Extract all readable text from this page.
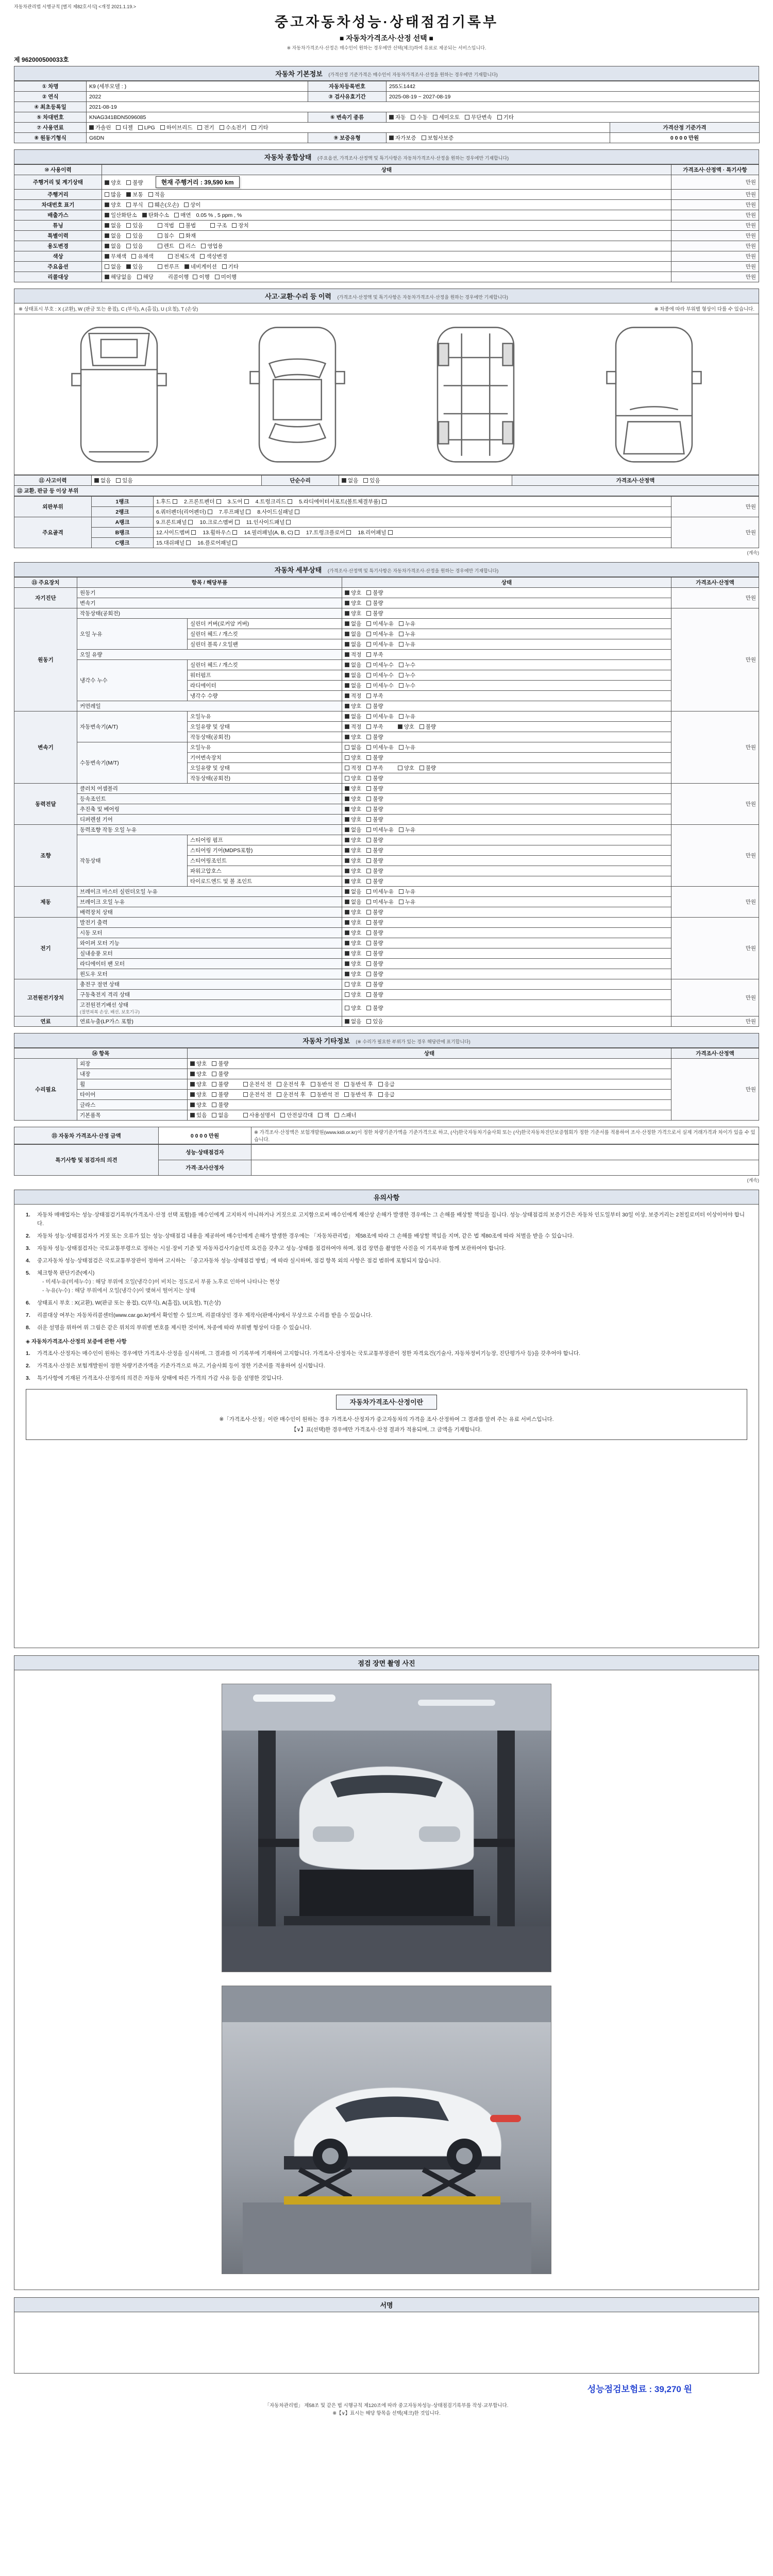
자동차관리법 시행규칙 [별지 제82호서식] <개정 2021.1.19.>
중고자동차성능·상태점검기록부
■ 자동차가격조사·산정 선택 ■
※ 자동차가격조사·산정은 매수인이 원하는 경우에만 선택(체크)하여 유료로 제공되는 서비스입니다.
제 962000500033호
자동차 기본정보 (가격산정 기준가격은 매수인이 자동차가격조사·산정을 원하는 경우에만 기재합니다)
① 차명	K9 (세부모델 : )	자동차등록번호	255도1442	
② 연식	2022	③ 검사유효기간	2025-08-19 ~ 2027-08-19	
④ 최초등록일	2021-08-19			
⑤ 차대번호	KNAG341BDN5096085	⑥ 변속기 종류	자동 수동 세미오토 무단변속 기타	
⑦ 사용연료	가솔린 디젤 LPG 하이브리드 전기 수소전기 기타			가격산정 기준가격
⑧ 원동기형식	G6DN	⑨ 보증유형	자가보증 보험사보증	0 0 0 0 만원
자동차 종합상태 (주요옵션, 가격조사·산정액 및 특기사항은 자동차가격조사·산정을 원하는 경우에만 기재합니다)
⑩ 사용이력	상태	가격조사·산정액 · 특기사항
주행거리 및 계기상태	양호 불량 현재 주행거리 : 39,590 km	만원
주행거리	많음 보통 적음	만원
차대번호 표기	양호 부식 훼손(오손) 상이	만원
배출가스	일산화탄소 탄화수소 매연 0.05 % , 5 ppm , %	만원
튜닝	없음 있음 적법 불법 구조 장치	만원
특별이력	없음 있음 침수 화재	만원
용도변경	없음 있음 렌트 리스 영업용	만원
색상	무채색 유채색 전체도색 색상변경	만원
주요옵션	없음 있음 썬루프 네비게이션 기타	만원
리콜대상	해당없음 해당 리콜이행 이행 미이행	만원
사고·교환·수리 등 이력 (가격조사·산정액 및 특기사항은 자동차가격조사·산정을 원하는 경우에만 기재합니다)
※ 상태표시 부호 : X (교환), W (판금 또는 용접), C (부식), A (흠집), U (요철), T (손상)	※ 차종에 따라 부위별 형상이 다를 수 있습니다.
⑪ 사고이력	없음 있음	단순수리	없음 있음	가격조사·산정액
⑫ 교환, 판금 등 이상 부위
외판부위	1랭크	1.후드 2.프론트펜더 3.도어 4.트렁크리드 5.라디에이터서포트(볼트체결부품)	만원
	2랭크	6.쿼터펜더(리어펜더) 7.루프패널 8.사이드실패널	
주요골격	A랭크	9.프론트패널 10.크로스멤버 11.인사이드패널	만원
	B랭크	12.사이드멤버 13.휠하우스 14.필러패널(A, B, C) 17.트렁크플로어 18.리어패널	
	C랭크	15.대쉬패널 16.플로어패널	
(계속)
자동차 세부상태 (가격조사·산정액 및 특기사항은 자동차가격조사·산정을 원하는 경우에만 기재합니다)
⑬ 주요장치	항목 / 해당부품		상태	가격조사·산정액
자기진단	원동기		양호 불량	만원
	변속기		양호 불량	
원동기	작동상태(공회전)		양호 불량	만원
	오일 누유	실린더 커버(로커암 커버)	없음 미세누유 누유	
		실린더 헤드 / 개스킷	없음 미세누유 누유	
		실린더 블록 / 오일팬	없음 미세누유 누유	
	오일 유량		적정 부족	
	냉각수 누수	실린더 헤드 / 개스킷	없음 미세누수 누수	
		워터펌프	없음 미세누수 누수	
		라디에이터	없음 미세누수 누수	
		냉각수 수량	적정 부족	
	커먼레일		양호 불량	
변속기	자동변속기(A/T)	오일누유	없음 미세누유 누유	만원
		오일유량 및 상태	적정 부족 양호 불량	
		작동상태(공회전)	양호 불량	
	수동변속기(M/T)	오일누유	없음 미세누유 누유	
		기어변속장치	양호 불량	
		오일유량 및 상태	적정 부족 양호 불량	
		작동상태(공회전)	양호 불량	
동력전달	클러치 어셈블리		양호 불량	만원
	등속조인트		양호 불량	
	추진축 및 베어링		양호 불량	
	디퍼렌셜 기어		양호 불량	
조향	동력조향 작동 오일 누유		없음 미세누유 누유	만원
	작동상태	스티어링 펌프	양호 불량	
		스티어링 기어(MDPS포함)	양호 불량	
		스티어링조인트	양호 불량	
		파워고압호스	양호 불량	
		타이로드엔드 및 볼 조인트	양호 불량	
제동	브레이크 마스터 실린더오일 누유		없음 미세누유 누유	만원
	브레이크 오일 누유		없음 미세누유 누유	
	배력장치 상태		양호 불량	
전기	발전기 출력		양호 불량	만원
	시동 모터		양호 불량	
	와이퍼 모터 기능		양호 불량	
	실내송풍 모터		양호 불량	
	라디에이터 팬 모터		양호 불량	
	윈도우 모터		양호 불량	
고전원전기장치	충전구 절연 상태		양호 불량	만원
	구동축전지 격리 상태		양호 불량	
	고전원전기배선 상태
(절연피복 손상, 배선, 보호기구)		양호 불량	
연료	연료누출(LP가스 포함)		없음 있음	만원
자동차 기타정보 (※ 수리가 필요한 부위가 있는 경우 해당란에 표기합니다)
⑭ 항목		상태	가격조사·산정액
수리필요	외장	양호 불량	만원
	내장	양호 불량	
	휠	양호 불량 운전석 전 운전석 후 동반석 전 동반석 후 응급	
	타이어	양호 불량 운전석 전 운전석 후 동반석 전 동반석 후 응급	
	글라스	양호 불량	
	기본품목	있음 없음 사용설명서 안전삼각대 잭 스패너	
⑮ 자동차 가격조사·산정 금액	0 0 0 0 만원	※ 가격조사·산정액은 보험개발원(www.kidi.or.kr)이 정한 차량기준가액을 기준가격으로 하고, (사)한국자동차기술사회 또는 (사)한국자동차진단보증협회가 정한 기준서를 적용하여 조사·산정한 가격으로서 실제 거래가격과 차이가 있을 수 있습니다.
특기사항 및 점검자의 의견	성능·상태점검자	
	가격·조사산정자	
(계속)
유의사항
1.	자동차 매매업자는 성능·상태점검기록부(가격조사·산정 선택 포함)를 매수인에게 고지하지 아니하거나 거짓으로 고지함으로써 매수인에게 재산상 손해가 발생한 경우에는 그 손해를 배상할 책임을 집니다. 성능·상태점검의 보증기간은 자동차 인도일부터 30일 이상, 보증거리는 2천킬로미터 이상이어야 합니다.
2.	자동차 성능·상태점검자가 거짓 또는 오류가 있는 성능·상태점검 내용을 제공하여 매수인에게 손해가 발생한 경우에는 「자동차관리법」 제58조에 따라 그 손해를 배상할 책임을 지며, 같은 법 제80조에 따라 처벌을 받을 수 있습니다.
3.	자동차 성능·상태점검자는 국토교통부령으로 정하는 시설·장비 기준 및 자동차검사기술인력 요건을 갖추고 성능·상태를 점검하여야 하며, 점검 장면을 촬영한 사진을 이 기록부와 함께 보관하여야 합니다.
4.	중고자동차 성능·상태점검은 국토교통부장관이 정하여 고시하는 「중고자동차 성능·상태점검 방법」에 따라 실시하며, 점검 항목 외의 사항은 점검 범위에 포함되지 않습니다.
5.	체크항목 판단기준(예시)
- 미세누유(미세누수) : 해당 부위에 오일(냉각수)이 비치는 정도로서 부품 노후로 인하여 나타나는 현상
- 누유(누수) : 해당 부위에서 오일(냉각수)이 맺혀서 떨어지는 상태
6.	상태표시 부호 : X(교환), W(판금 또는 용접), C(부식), A(흠집), U(요철), T(손상)
7.	리콜대상 여부는 자동차리콜센터(www.car.go.kr)에서 확인할 수 있으며, 리콜대상인 경우 제작사(판매사)에서 무상으로 수리를 받을 수 있습니다.
8.	쉬운 설명을 위하여 위 그림은 같은 위치의 부위별 번호를 제시한 것이며, 차종에 따라 부위별 형상이 다를 수 있습니다.
◈ 자동차가격조사·산정의 보증에 관한 사항
1.	가격조사·산정자는 매수인이 원하는 경우에만 가격조사·산정을 실시하며, 그 결과를 이 기록부에 기재하여 고지합니다. 가격조사·산정자는 국토교통부장관이 정한 자격요건(기술사, 자동차정비기능장, 진단평가사 등)을 갖추어야 합니다.
2.	가격조사·산정은 보험개발원이 정한 차량기준가액을 기준가격으로 하고, 기술사회 등이 정한 기준서를 적용하여 실시합니다.
3.	특기사항에 기재된 가격조사·산정자의 의견은 자동차 상태에 따른 가격의 가감 사유 등을 설명한 것입니다.
자동차가격조사·산정이란
※「가격조사·산정」이란 매수인이 원하는 경우 가격조사·산정자가 중고자동차의 가격을 조사·산정하여 그 결과를 알려 주는 유료 서비스입니다.
【∨】표(선택)한 경우에만 가격조사·산정 결과가 적용되며, 그 금액을 기재합니다.
점검 장면 촬영 사진
서명
성능점검보험료 : 39,270 원
「자동차관리법」 제58조 및 같은 법 시행규칙 제120조에 따라 중고자동차성능·상태점검기록부를 작성·교부합니다.
※【∨】표시는 해당 항목을 선택(체크)한 것입니다.
